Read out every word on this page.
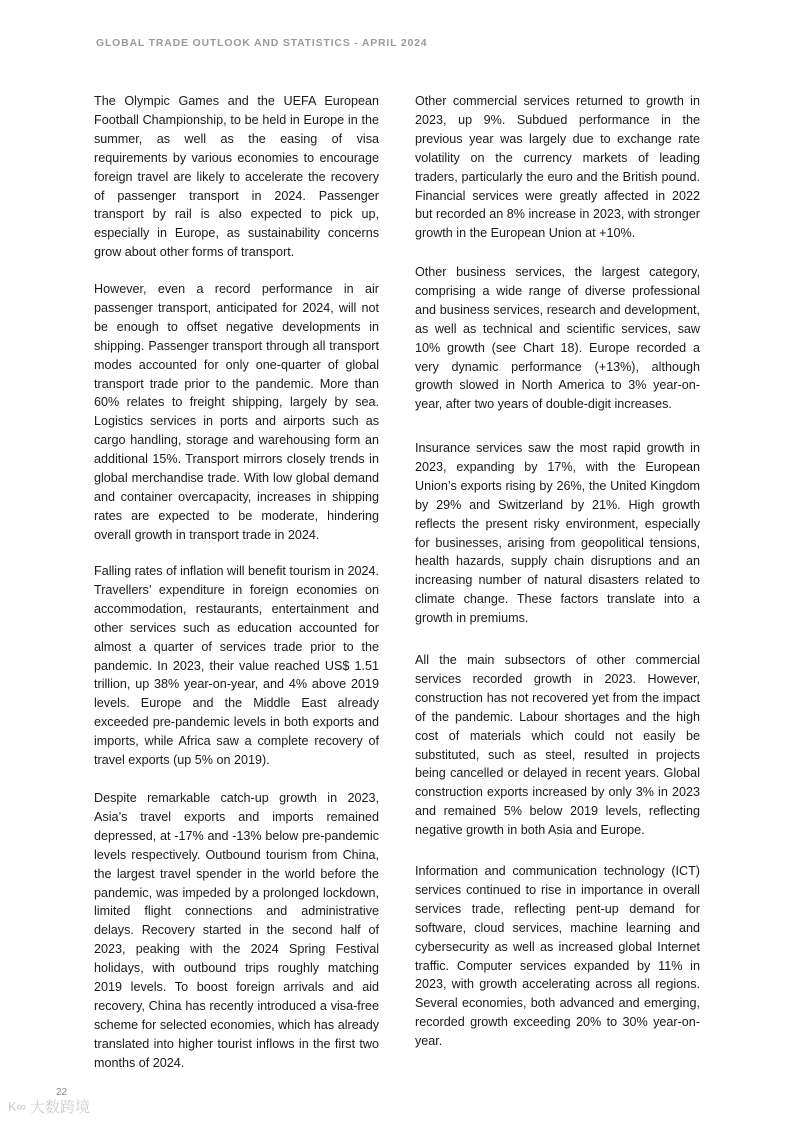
GLOBAL TRADE OUTLOOK AND STATISTICS - APRIL 2024

The Olympic Games and the UEFA European Football Championship, to be held in Europe in the summer, as well as the easing of visa requirements by various economies to encourage foreign travel are likely to accelerate the recovery of passenger transport in 2024. Passenger transport by rail is also expected to pick up, especially in Europe, as sustainability concerns grow about other forms of transport.

However, even a record performance in air passenger transport, anticipated for 2024, will not be enough to offset negative developments in shipping. Passenger transport through all transport modes accounted for only one-quarter of global transport trade prior to the pandemic. More than 60% relates to freight shipping, largely by sea. Logistics services in ports and airports such as cargo handling, storage and warehousing form an additional 15%. Transport mirrors closely trends in global merchandise trade. With low global demand and container overcapacity, increases in shipping rates are expected to be moderate, hindering overall growth in transport trade in 2024.

Falling rates of inflation will benefit tourism in 2024. Travellers’ expenditure in foreign economies on accommodation, restaurants, entertainment and other services such as education accounted for almost a quarter of services trade prior to the pandemic. In 2023, their value reached US$ 1.51 trillion, up 38% year-on-year, and 4% above 2019 levels. Europe and the Middle East already exceeded pre-pandemic levels in both exports and imports, while Africa saw a complete recovery of travel exports (up 5% on 2019).

Despite remarkable catch-up growth in 2023, Asia’s travel exports and imports remained depressed, at -17% and -13% below pre-pandemic levels respectively. Outbound tourism from China, the largest travel spender in the world before the pandemic, was impeded by a prolonged lockdown, limited flight connections and administrative delays. Recovery started in the second half of 2023, peaking with the 2024 Spring Festival holidays, with outbound trips roughly matching 2019 levels. To boost foreign arrivals and aid recovery, China has recently introduced a visa-free scheme for selected economies, which has already translated into higher tourist inflows in the first two months of 2024.

Other commercial services returned to growth in 2023, up 9%. Subdued performance in the previous year was largely due to exchange rate volatility on the currency markets of leading traders, particularly the euro and the British pound. Financial services were greatly affected in 2022 but recorded an 8% increase in 2023, with stronger growth in the European Union at +10%.

Other business services, the largest category, comprising a wide range of diverse professional and business services, research and development, as well as technical and scientific services, saw 10% growth (see Chart 18). Europe recorded a very dynamic performance (+13%), although growth slowed in North America to 3% year-on-year, after two years of double-digit increases.

Insurance services saw the most rapid growth in 2023, expanding by 17%, with the European Union’s exports rising by 26%, the United Kingdom by 29% and Switzerland by 21%. High growth reflects the present risky environment, especially for businesses, arising from geopolitical tensions, health hazards, supply chain disruptions and an increasing number of natural disasters related to climate change. These factors translate into a growth in premiums.

All the main subsectors of other commercial services recorded growth in 2023. However, construction has not recovered yet from the impact of the pandemic. Labour shortages and the high cost of materials which could not easily be substituted, such as steel, resulted in projects being cancelled or delayed in recent years. Global construction exports increased by only 3% in 2023 and remained 5% below 2019 levels, reflecting negative growth in both Asia and Europe.

Information and communication technology (ICT) services continued to rise in importance in overall services trade, reflecting pent-up demand for software, cloud services, machine learning and cybersecurity as well as increased global Internet traffic. Computer services expanded by 11% in 2023, with growth accelerating across all regions. Several economies, both advanced and emerging, recorded growth exceeding 20% to 30% year-on-year.

22
K∞ 大数跨境
